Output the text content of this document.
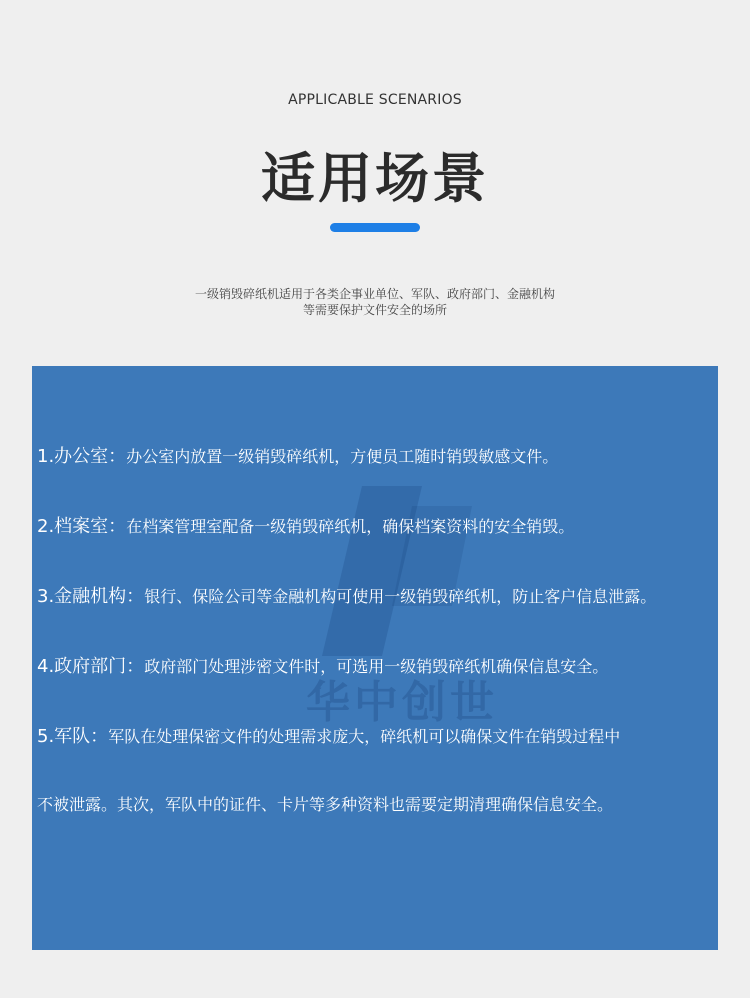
APPLICABLE SCENARIOS
适用场景
一级销毁碎纸机适用于各类企事业单位、军队、政府部门、金融机构
等需要保护文件安全的场所
华中创世
1.办公室：办公室内放置一级销毁碎纸机，方便员工随时销毁敏感文件。
2.档案室：在档案管理室配备一级销毁碎纸机，确保档案资料的安全销毁。
3.金融机构：银行、保险公司等金融机构可使用一级销毁碎纸机，防止客户信息泄露。
4.政府部门：政府部门处理涉密文件时，可选用一级销毁碎纸机确保信息安全。
5.军队：军队在处理保密文件的处理需求庞大，碎纸机可以确保文件在销毁过程中
不被泄露。其次，军队中的证件、卡片等多种资料也需要定期清理确保信息安全。
